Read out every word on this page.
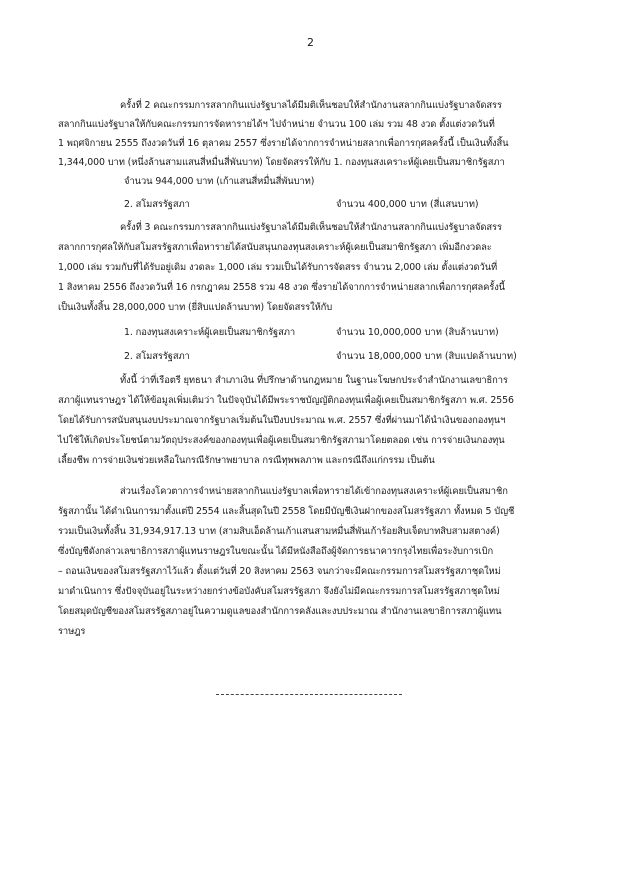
2
ครั้งที่ 2 คณะกรรมการสลากกินแบ่งรัฐบาลได้มีมติเห็นชอบให้สำนักงานสลากกินแบ่งรัฐบาลจัดสรร
สลากกินแบ่งรัฐบาลให้กับคณะกรรมการจัดหารายได้ฯ ไปจำหน่าย จำนวน 100 เล่ม รวม 48 งวด ตั้งแต่งวดวันที่
1 พฤศจิกายน 2555 ถึงงวดวันที่ 16 ตุลาคม 2557 ซึ่งรายได้จากการจำหน่ายสลากเพื่อการกุศลครั้งนี้ เป็นเงินทั้งสิ้น
1,344,000 บาท (หนึ่งล้านสามแสนสี่หมื่นสี่พันบาท) โดยจัดสรรให้กับ 1. กองทุนสงเคราะห์ผู้เคยเป็นสมาชิกรัฐสภา
จำนวน 944,000 บาท (เก้าแสนสี่หมื่นสี่พันบาท)
2. สโมสรรัฐสภา	จำนวน 400,000 บาท (สี่แสนบาท)
ครั้งที่ 3 คณะกรรมการสลากกินแบ่งรัฐบาลได้มีมติเห็นชอบให้สำนักงานสลากกินแบ่งรัฐบาลจัดสรร
สลากการกุศลให้กับสโมสรรัฐสภาเพื่อหารายได้สนับสนุนกองทุนสงเคราะห์ผู้เคยเป็นสมาชิกรัฐสภา เพิ่มอีกงวดละ
1,000 เล่ม รวมกับที่ได้รับอยู่เดิม งวดละ 1,000 เล่ม รวมเป็นได้รับการจัดสรร จำนวน 2,000 เล่ม ตั้งแต่งวดวันที่
1 สิงหาคม 2556 ถึงงวดวันที่ 16 กรกฎาคม 2558 รวม 48 งวด ซึ่งรายได้จากการจำหน่ายสลากเพื่อการกุศลครั้งนี้
เป็นเงินทั้งสิ้น 28,000,000 บาท (ยี่สิบแปดล้านบาท) โดยจัดสรรให้กับ
1. กองทุนสงเคราะห์ผู้เคยเป็นสมาชิกรัฐสภา	จำนวน 10,000,000 บาท (สิบล้านบาท)
2. สโมสรรัฐสภา	จำนวน 18,000,000 บาท (สิบแปดล้านบาท)
ทั้งนี้ ว่าที่เรือตรี ยุทธนา สำเภาเงิน ที่ปรึกษาด้านกฎหมาย ในฐานะโฆษกประจำสำนักงานเลขาธิการ
สภาผู้แทนราษฎร ได้ให้ข้อมูลเพิ่มเติมว่า ในปัจจุบันได้มีพระราชบัญญัติกองทุนเพื่อผู้เคยเป็นสมาชิกรัฐสภา พ.ศ. 2556
โดยได้รับการสนับสนุนงบประมาณจากรัฐบาลเริ่มต้นในปีงบประมาณ พ.ศ. 2557 ซึ่งที่ผ่านมาได้นำเงินของกองทุนฯ
ไปใช้ให้เกิดประโยชน์ตามวัตถุประสงค์ของกองทุนเพื่อผู้เคยเป็นสมาชิกรัฐสภามาโดยตลอด เช่น การจ่ายเงินกองทุน
เลี้ยงชีพ การจ่ายเงินช่วยเหลือในกรณีรักษาพยาบาล กรณีทุพพลภาพ และกรณีถึงแก่กรรม เป็นต้น
ส่วนเรื่องโควตาการจำหน่ายสลากกินแบ่งรัฐบาลเพื่อหารายได้เข้ากองทุนสงเคราะห์ผู้เคยเป็นสมาชิก
รัฐสภานั้น ได้ดำเนินการมาตั้งแต่ปี 2554 และสิ้นสุดในปี 2558 โดยมีบัญชีเงินฝากของสโมสรรัฐสภา ทั้งหมด 5 บัญชี
รวมเป็นเงินทั้งสิ้น 31,934,917.13 บาท (สามสิบเอ็ดล้านเก้าแสนสามหมื่นสี่พันเก้าร้อยสิบเจ็ดบาทสิบสามสตางค์)
ซึ่งบัญชีดังกล่าวเลขาธิการสภาผู้แทนราษฎรในขณะนั้น ได้มีหนังสือถึงผู้จัดการธนาคารกรุงไทยเพื่อระงับการเบิก
– ถอนเงินของสโมสรรัฐสภาไว้แล้ว ตั้งแต่วันที่ 20 สิงหาคม 2563 จนกว่าจะมีคณะกรรมการสโมสรรัฐสภาชุดใหม่
มาดำเนินการ ซึ่งปัจจุบันอยู่ในระหว่างยกร่างข้อบังคับสโมสรรัฐสภา จึงยังไม่มีคณะกรรมการสโมสรรัฐสภาชุดใหม่
โดยสมุดบัญชีของสโมสรรัฐสภาอยู่ในความดูแลของสำนักการคลังและงบประมาณ สำนักงานเลขาธิการสภาผู้แทน
ราษฎร
